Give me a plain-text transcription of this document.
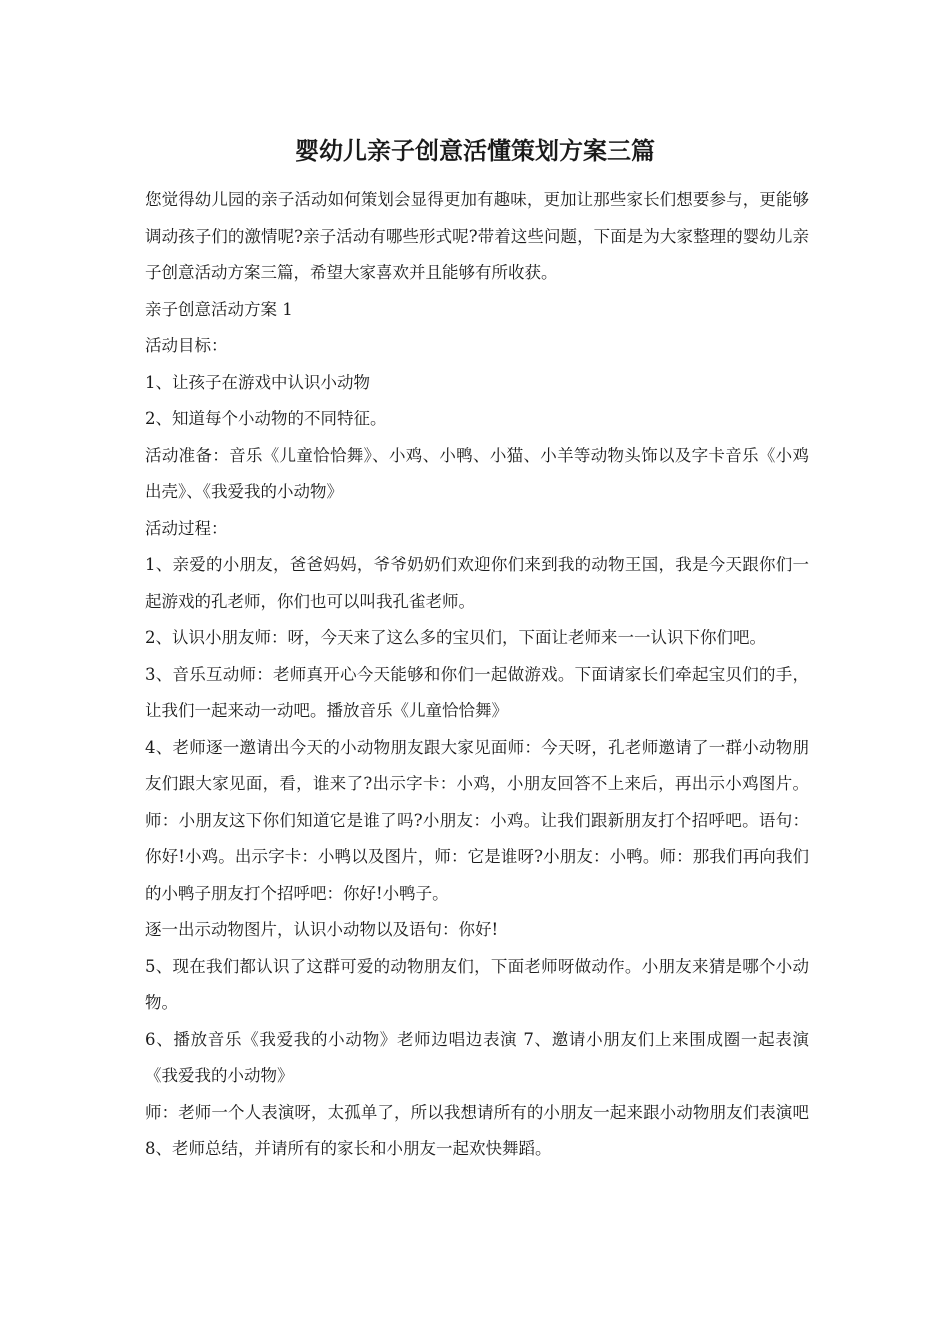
婴幼儿亲子创意活懂策划方案三篇

您觉得幼儿园的亲子活动如何策划会显得更加有趣味，更加让那些家长们想要参与，更能够调动孩子们的激情呢?亲子活动有哪些形式呢?带着这些问题，下面是为大家整理的婴幼儿亲子创意活动方案三篇，希望大家喜欢并且能够有所收获。

亲子创意活动方案 1

活动目标：

1、让孩子在游戏中认识小动物

2、知道每个小动物的不同特征。

活动准备：音乐《儿童恰恰舞》、小鸡、小鸭、小猫、小羊等动物头饰以及字卡音乐《小鸡出壳》、《我爱我的小动物》

活动过程：

1、亲爱的小朋友，爸爸妈妈，爷爷奶奶们欢迎你们来到我的动物王国，我是今天跟你们一起游戏的孔老师，你们也可以叫我孔雀老师。

2、认识小朋友师：呀，今天来了这么多的宝贝们，下面让老师来一一认识下你们吧。

3、音乐互动师：老师真开心今天能够和你们一起做游戏。下面请家长们牵起宝贝们的手，让我们一起来动一动吧。播放音乐《儿童恰恰舞》

4、老师逐一邀请出今天的小动物朋友跟大家见面师：今天呀，孔老师邀请了一群小动物朋友们跟大家见面，看，谁来了?出示字卡：小鸡，小朋友回答不上来后，再出示小鸡图片。师：小朋友这下你们知道它是谁了吗?小朋友：小鸡。让我们跟新朋友打个招呼吧。语句：你好!小鸡。出示字卡：小鸭以及图片，师：它是谁呀?小朋友：小鸭。师：那我们再向我们的小鸭子朋友打个招呼吧：你好!小鸭子。

逐一出示动物图片，认识小动物以及语句：你好!

5、现在我们都认识了这群可爱的动物朋友们，下面老师呀做动作。小朋友来猜是哪个小动物。

6、播放音乐《我爱我的小动物》老师边唱边表演 7、邀请小朋友们上来围成圈一起表演《我爱我的小动物》

师：老师一个人表演呀，太孤单了，所以我想请所有的小朋友一起来跟小动物朋友们表演吧 8、老师总结，并请所有的家长和小朋友一起欢快舞蹈。
